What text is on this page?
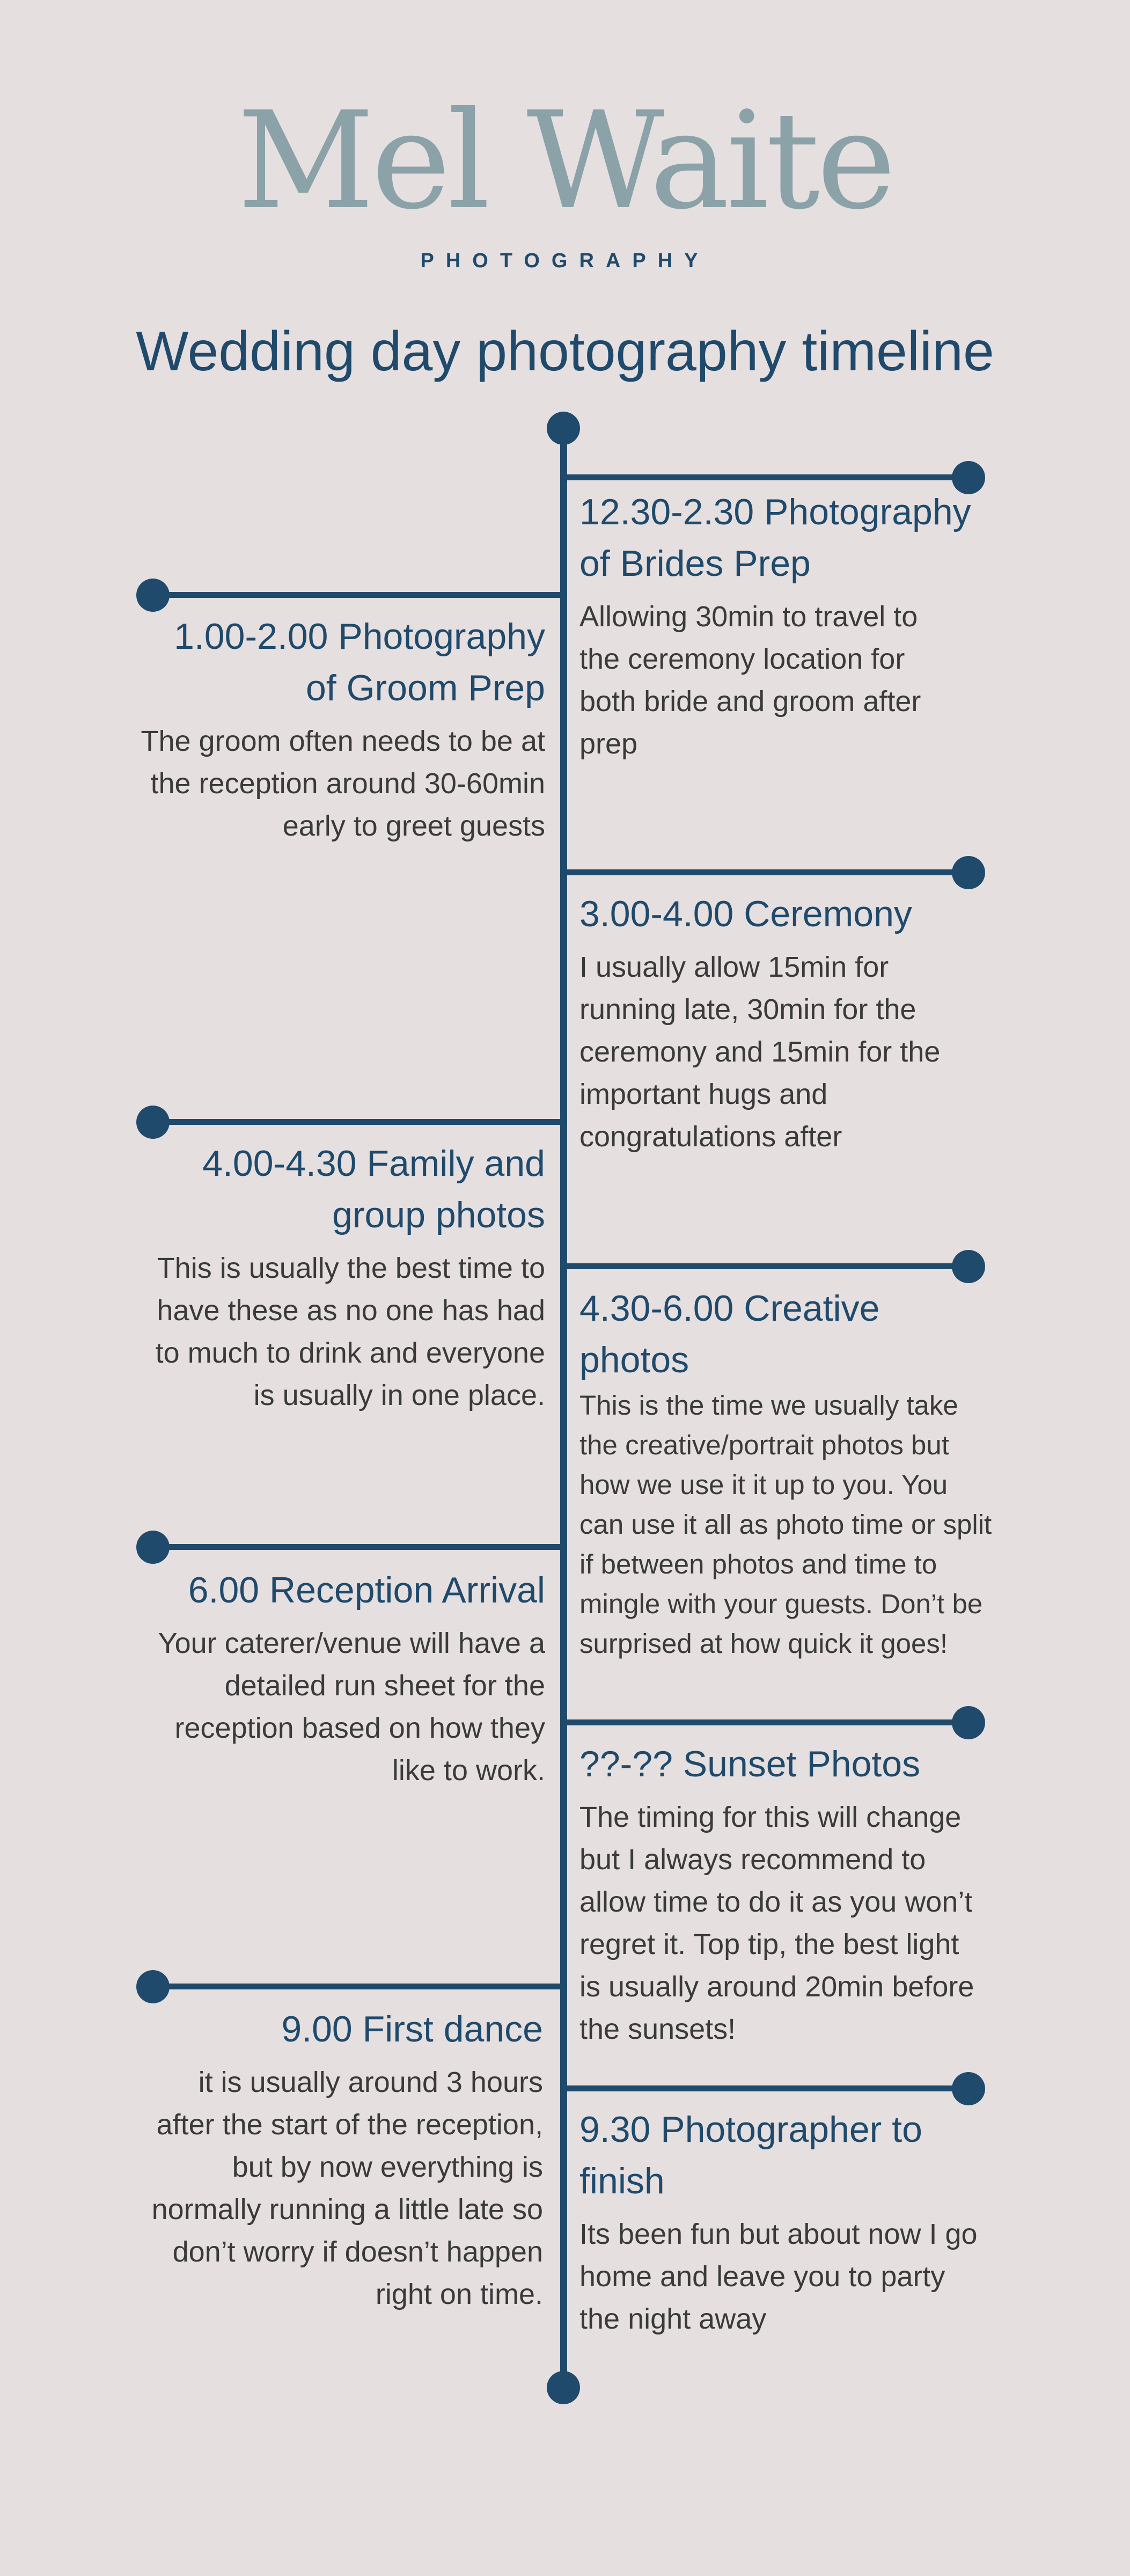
Mel Waite
PHOTOGRAPHY
Wedding day photography timeline

12.30-2.30 Photography of Brides Prep

Allowing 30min to travel to the ceremony location for both bride and groom after prep

3.00-4.00 Ceremony

I usually allow 15min for running late, 30min for the ceremony and 15min for the important hugs and congratulations after

4.30-6.00 Creative photos

This is the time we usually take the creative/portrait photos but how we use it it up to you. You can use it all as photo time or split if between photos and time to mingle with your guests. Don’t be surprised at how quick it goes!

??-?? Sunset Photos

The timing for this will change but I always recommend to allow time to do it as you won’t regret it. Top tip, the best light is usually around 20min before the sunsets!

9.30 Photographer to finish

Its been fun but about now I go home and leave you to party the night away

1.00-2.00 Photography of Groom Prep

The groom often needs to be at the reception around 30-60min early to greet guests

4.00-4.30 Family and group photos

This is usually the best time to have these as no one has had to much to drink and everyone is usually in one place.

6.00 Reception Arrival

Your caterer/venue will have a detailed run sheet for the reception based on how they like to work.

9.00 First dance

it is usually around 3 hours after the start of the reception, but by now everything is normally running a little late so don’t worry if doesn’t happen right on time.
